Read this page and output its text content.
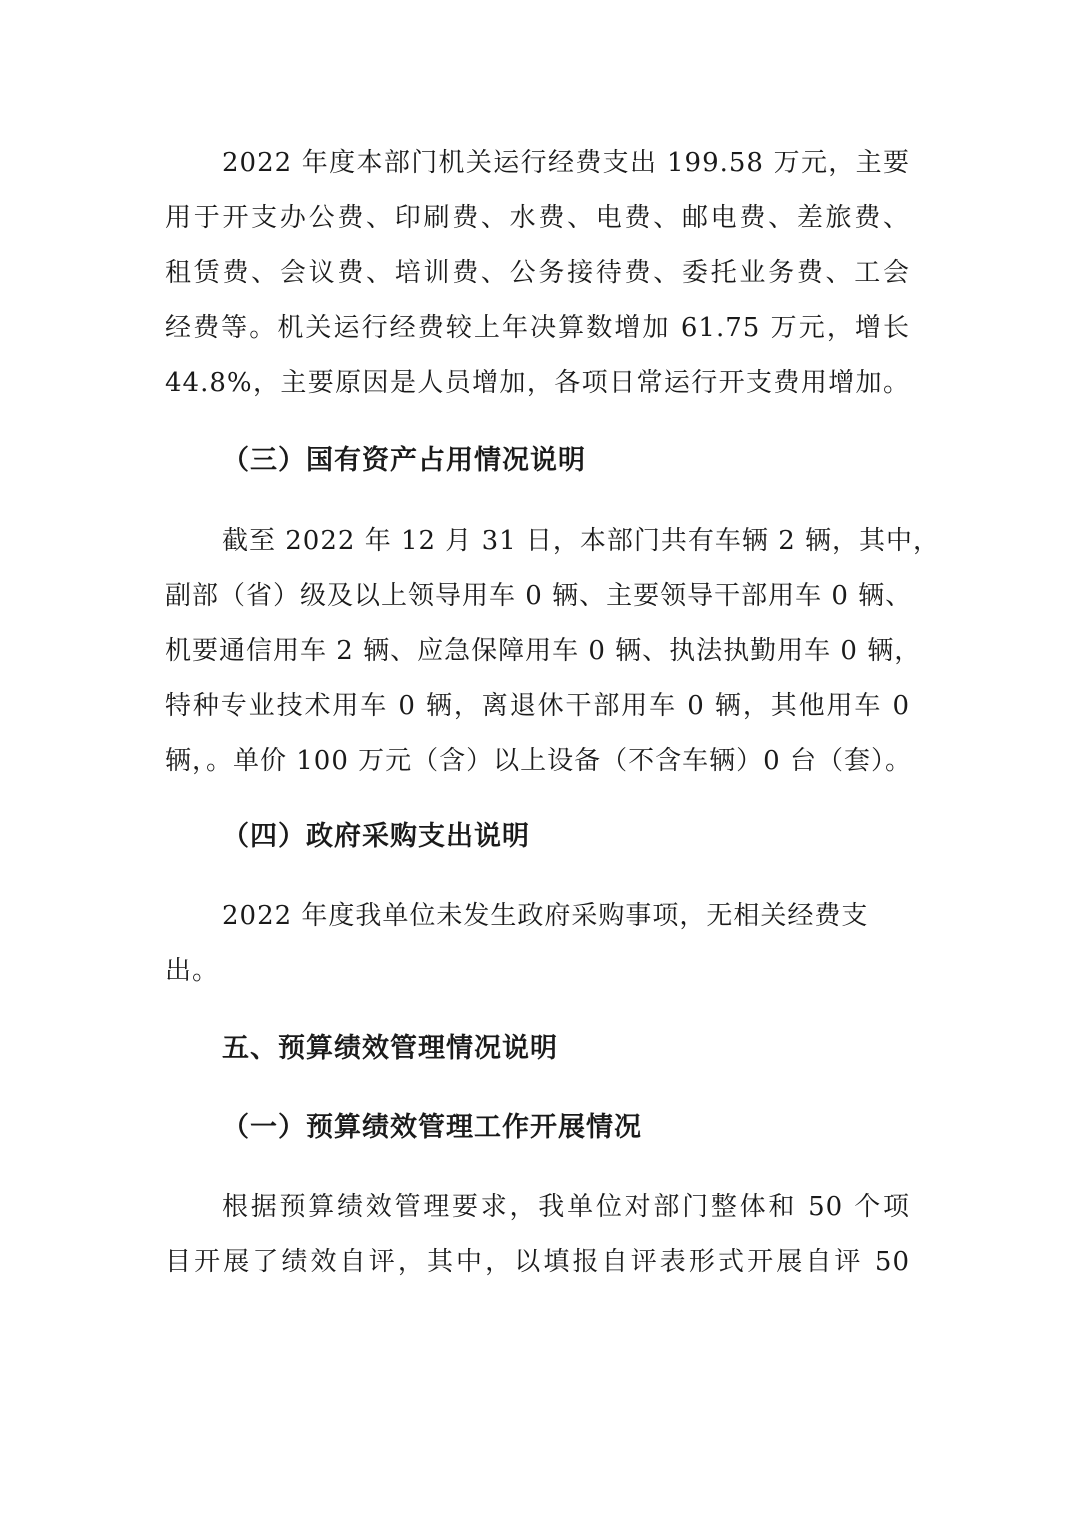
2022 年度本部门机关运行经费支出 199.58 万元，主要
用于开支办公费、印刷费、水费、电费、邮电费、差旅费、
租赁费、会议费、培训费、公务接待费、委托业务费、工会
经费等。机关运行经费较上年决算数增加 61.75 万元，增长
44.8%，主要原因是人员增加，各项日常运行开支费用增加。
（三）国有资产占用情况说明
截至 2022 年 12 月 31 日，本部门共有车辆 2 辆，其中，
副部（省）级及以上领导用车 0 辆、主要领导干部用车 0 辆、
机要通信用车 2 辆、应急保障用车 0 辆、执法执勤用车 0 辆，
特种专业技术用车 0 辆，离退休干部用车 0 辆，其他用车 0
辆，。单价 100 万元（含）以上设备（不含车辆）0 台（套）。
（四）政府采购支出说明
2022 年度我单位未发生政府采购事项，无相关经费支
出。
五、预算绩效管理情况说明
（一）预算绩效管理工作开展情况
根据预算绩效管理要求，我单位对部门整体和 50 个项
目开展了绩效自评，其中，以填报自评表形式开展自评 50
